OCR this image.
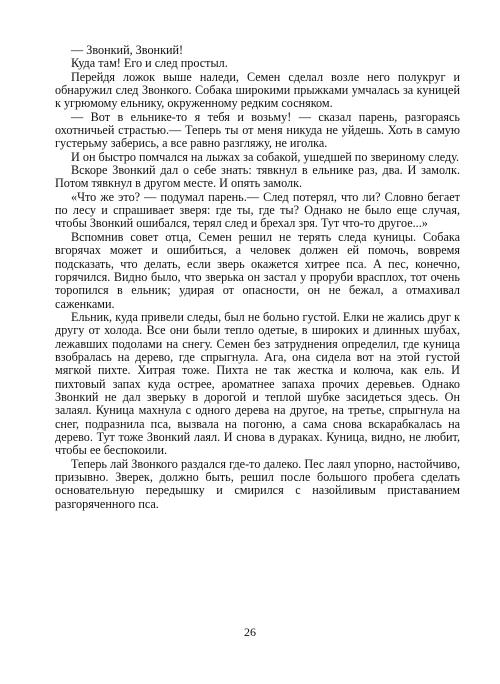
— Звонкий, Звонкий!

Куда там! Его и след простыл.

Перейдя ложок выше наледи, Семен сделал возле него полукруг и обнаружил след Звонкого. Собака широкими прыжками умчалась за куницей к угрюмому ельнику, окруженному редким сосняком.

— Вот в ельнике-то я тебя и возьму! — сказал парень, разгораясь охотничьей страстью.— Теперь ты от меня никуда не уйдешь. Хоть в самую густерьму заберись, а все равно разгляжу, не иголка.

И он быстро помчался на лыжах за собакой, ушедшей по звериному следу.

Вскоре Звонкий дал о себе знать: тявкнул в ельнике раз, два. И замолк. Потом тявкнул в другом месте. И опять замолк.

«Что же это? — подумал парень.— След потерял, что ли? Словно бегает по лесу и спрашивает зверя: где ты, где ты? Однако не было еще случая, чтобы Звонкий ошибался, терял след и брехал зря. Тут что-то другое...»

Вспомнив совет отца, Семен решил не терять следа куницы. Собака вгорячах может и ошибиться, а человек должен ей помочь, вовремя подсказать, что делать, если зверь окажется хитрее пса. А пес, конечно, горячился. Видно было, что зверька он застал у проруби врасплох, тот очень торопился в ельник; удирая от опасности, он не бежал, а отмахивал саженками.

Ельник, куда привели следы, был не больно густой. Елки не жались друг к другу от холода. Все они были тепло одетые, в широких и длинных шубах, лежавших подолами на снегу. Семен без затруднения определил, где куница взобралась на дерево, где спрыгнула. Ага, она сидела вот на этой густой мягкой пихте. Хитрая тоже. Пихта не так жестка и колюча, как ель. И пихтовый запах куда острее, ароматнее запаха прочих деревьев. Однако Звонкий не дал зверьку в дорогой и теплой шубке засидеться здесь. Он залаял. Куница махнула с одного дерева на другое, на третье, спрыгнула на снег, подразнила пса, вызвала на погоню, а сама снова вскарабкалась на дерево. Тут тоже Звонкий лаял. И снова в дураках. Куница, видно, не любит, чтобы ее беспокоили.

Теперь лай Звонкого раздался где-то далеко. Пес лаял упорно, настойчиво, призывно. Зверек, должно быть, решил после большого пробега сделать основательную передышку и смирился с назойливым приставанием разгоряченного пса.

26
